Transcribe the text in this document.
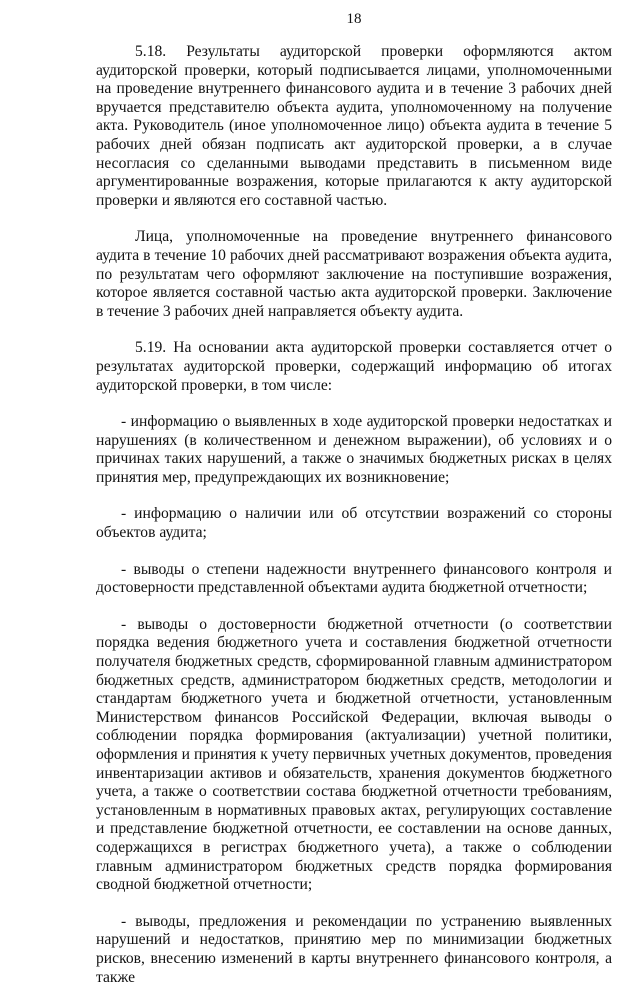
18

5.18. Результаты аудиторской проверки оформляются актом аудиторской проверки, который подписывается лицами, уполномоченными на проведение внутреннего финансового аудита и в течение 3 рабочих дней вручается представителю объекта аудита, уполномоченному на получение акта. Руководитель (иное уполномоченное лицо) объекта аудита в течение 5 рабочих дней обязан подписать акт аудиторской проверки, а в случае несогласия со сделанными выводами представить в письменном виде аргументированные возражения, которые прилагаются к акту аудиторской проверки и являются его составной частью.

Лица, уполномоченные на проведение внутреннего финансового аудита в течение 10 рабочих дней рассматривают возражения объекта аудита, по результатам чего оформляют заключение на поступившие возражения, которое является составной частью акта аудиторской проверки. Заключение в течение 3 рабочих дней направляется объекту аудита.

5.19. На основании акта аудиторской проверки составляется отчет о результатах аудиторской проверки, содержащий информацию об итогах аудиторской проверки, в том числе:

- информацию о выявленных в ходе аудиторской проверки недостатках и нарушениях (в количественном и денежном выражении), об условиях и о причинах таких нарушений, а также о значимых бюджетных рисках в целях принятия мер, предупреждающих их возникновение;

- информацию о наличии или об отсутствии возражений со стороны объектов аудита;

- выводы о степени надежности внутреннего финансового контроля и достоверности представленной объектами аудита бюджетной отчетности;

- выводы о достоверности бюджетной отчетности (о соответствии порядка ведения бюджетного учета и составления бюджетной отчетности получателя бюджетных средств, сформированной главным администратором бюджетных средств, администратором бюджетных средств, методологии и стандартам бюджетного учета и бюджетной отчетности, установленным Министерством финансов Российской Федерации, включая выводы о соблюдении порядка формирования (актуализации) учетной политики, оформления и принятия к учету первичных учетных документов, проведения инвентаризации активов и обязательств, хранения документов бюджетного учета, а также о соответствии состава бюджетной отчетности требованиям, установленным в нормативных правовых актах, регулирующих составление и представление бюджетной отчетности, ее составлении на основе данных, содержащихся в регистрах бюджетного учета), а также о соблюдении главным администратором бюджетных средств порядка формирования сводной бюджетной отчетности;

- выводы, предложения и рекомендации по устранению выявленных нарушений и недостатков, принятию мер по минимизации бюджетных рисков, внесению изменений в карты внутреннего финансового контроля, а также
